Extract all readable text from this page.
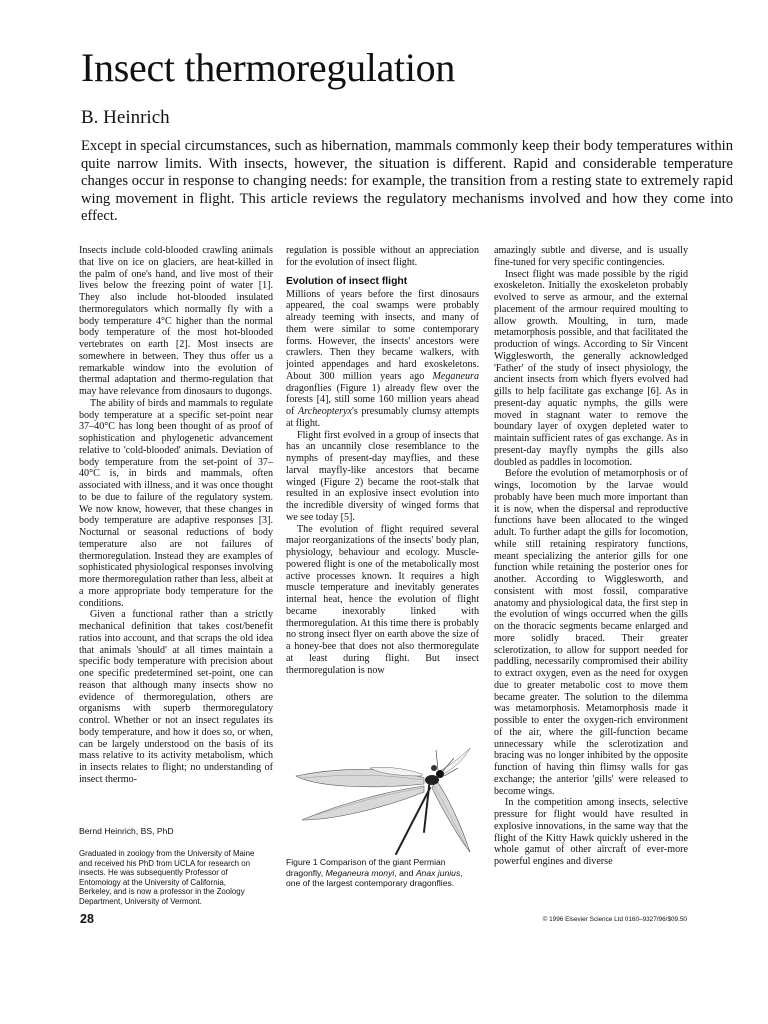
Insect thermoregulation

B. Heinrich

Except in special circumstances, such as hibernation, mammals commonly keep their body temperatures within quite narrow limits. With insects, however, the situation is different. Rapid and considerable temperature changes occur in response to changing needs: for example, the transition from a resting state to extremely rapid wing movement in flight. This article reviews the regulatory mechanisms involved and how they come into effect.

Insects include cold-blooded crawling animals that live on ice on glaciers, are heat-killed in the palm of one's hand, and live most of their lives below the freezing point of water [1]. They also include hot-blooded insulated thermoregulators which normally fly with a body temperature 4°C higher than the normal body temperature of the most hot-blooded vertebrates on earth [2]. Most insects are somewhere in between. They thus offer us a remarkable window into the evolution of thermal adaptation and thermo-regulation that may have relevance from dinosaurs to dugongs.

The ability of birds and mammals to regulate body temperature at a specific set-point near 37–40°C has long been thought of as proof of sophistication and phylogenetic advancement relative to 'cold-blooded' animals. Deviation of body temperature from the set-point of 37–40°C is, in birds and mammals, often associated with illness, and it was once thought to be due to failure of the regulatory system. We now know, however, that these changes in body temperature are adaptive responses [3]. Nocturnal or seasonal reductions of body temperature also are not failures of thermoregulation. Instead they are examples of sophisticated physiological responses involving more thermoregulation rather than less, albeit at a more appropriate body temperature for the conditions.

Given a functional rather than a strictly mechanical definition that takes cost/benefit ratios into account, and that scraps the old idea that animals 'should' at all times maintain a specific body temperature with precision about one specific predetermined set-point, one can reason that although many insects show no evidence of thermoregulation, others are organisms with superb thermoregulatory control. Whether or not an insect regulates its body temperature, and how it does so, or when, can be largely understood on the basis of its mass relative to its activity metabolism, which in insects relates to flight; no understanding of insect thermo-

regulation is possible without an appreciation for the evolution of insect flight.

Evolution of insect flight

Millions of years before the first dinosaurs appeared, the coal swamps were probably already teeming with insects, and many of them were similar to some contemporary forms. However, the insects' ancestors were crawlers. Then they became walkers, with jointed appendages and hard exoskeletons. About 300 million years ago Meganeura dragonflies (Figure 1) already flew over the forests [4], still some 160 million years ahead of Archeopteryx's presumably clumsy attempts at flight.

Flight first evolved in a group of insects that has an uncannily close resemblance to the nymphs of present-day mayflies, and these larval mayfly-like ancestors that became winged (Figure 2) became the root-stalk that resulted in an explosive insect evolution into the incredible diversity of winged forms that we see today [5].

The evolution of flight required several major reorganizations of the insects' body plan, physiology, behaviour and ecology. Muscle-powered flight is one of the metabolically most active processes known. It requires a high muscle temperature and inevitably generates internal heat, hence the evolution of flight became inexorably linked with thermoregulation. At this time there is probably no strong insect flyer on earth above the size of a honey-bee that does not also thermoregulate at least during flight. But insect thermoregulation is now

amazingly subtle and diverse, and is usually fine-tuned for very specific contingencies.

Insect flight was made possible by the rigid exoskeleton. Initially the exoskeleton probably evolved to serve as armour, and the external placement of the armour required moulting to allow growth. Moulting, in turn, made metamorphosis possible, and that facilitated the production of wings. According to Sir Vincent Wigglesworth, the generally acknowledged 'Father' of the study of insect physiology, the ancient insects from which flyers evolved had gills to help facilitate gas exchange [6]. As in present-day aquatic nymphs, the gills were moved in stagnant water to remove the boundary layer of oxygen depleted water to maintain sufficient rates of gas exchange. As in present-day mayfly nymphs the gills also doubled as paddles in locomotion.

Before the evolution of metamorphosis or of wings, locomotion by the larvae would probably have been much more important than it is now, when the dispersal and reproductive functions have been allocated to the winged adult. To further adapt the gills for locomotion, while still retaining respiratory functions, meant specializing the anterior gills for one function while retaining the posterior ones for another. According to Wigglesworth, and consistent with most fossil, comparative anatomy and physiological data, the first step in the evolution of wings occurred when the gills on the thoracic segments became enlarged and more solidly braced. Their greater sclerotization, to allow for support needed for paddling, necessarily compromised their ability to extract oxygen, even as the need for oxygen due to greater metabolic cost to move them became greater. The solution to the dilemma was metamorphosis. Metamorphosis made it possible to enter the oxygen-rich environment of the air, where the gill-function became unnecessary while the sclerotization and bracing was no longer inhibited by the opposite function of having thin flimsy walls for gas exchange; the anterior 'gills' were released to become wings.

In the competition among insects, selective pressure for flight would have resulted in explosive innovations, in the same way that the flight of the Kitty Hawk quickly ushered in the whole gamut of other aircraft of ever-more powerful engines and diverse

Bernd Heinrich, BS, PhD

Graduated in zoology from the University of Maine and received his PhD from UCLA for research on insects. He was subsequently Professor of Entomology at the University of California, Berkeley, and is now a professor in the Zoology Department, University of Vermont.

Figure 1 Comparison of the giant Permian dragonfly, Meganeura monyi, and Anax junius, one of the largest contemporary dragonflies.

28	© 1996 Elsevier Science Ltd 0160–9327/96/$09.50
